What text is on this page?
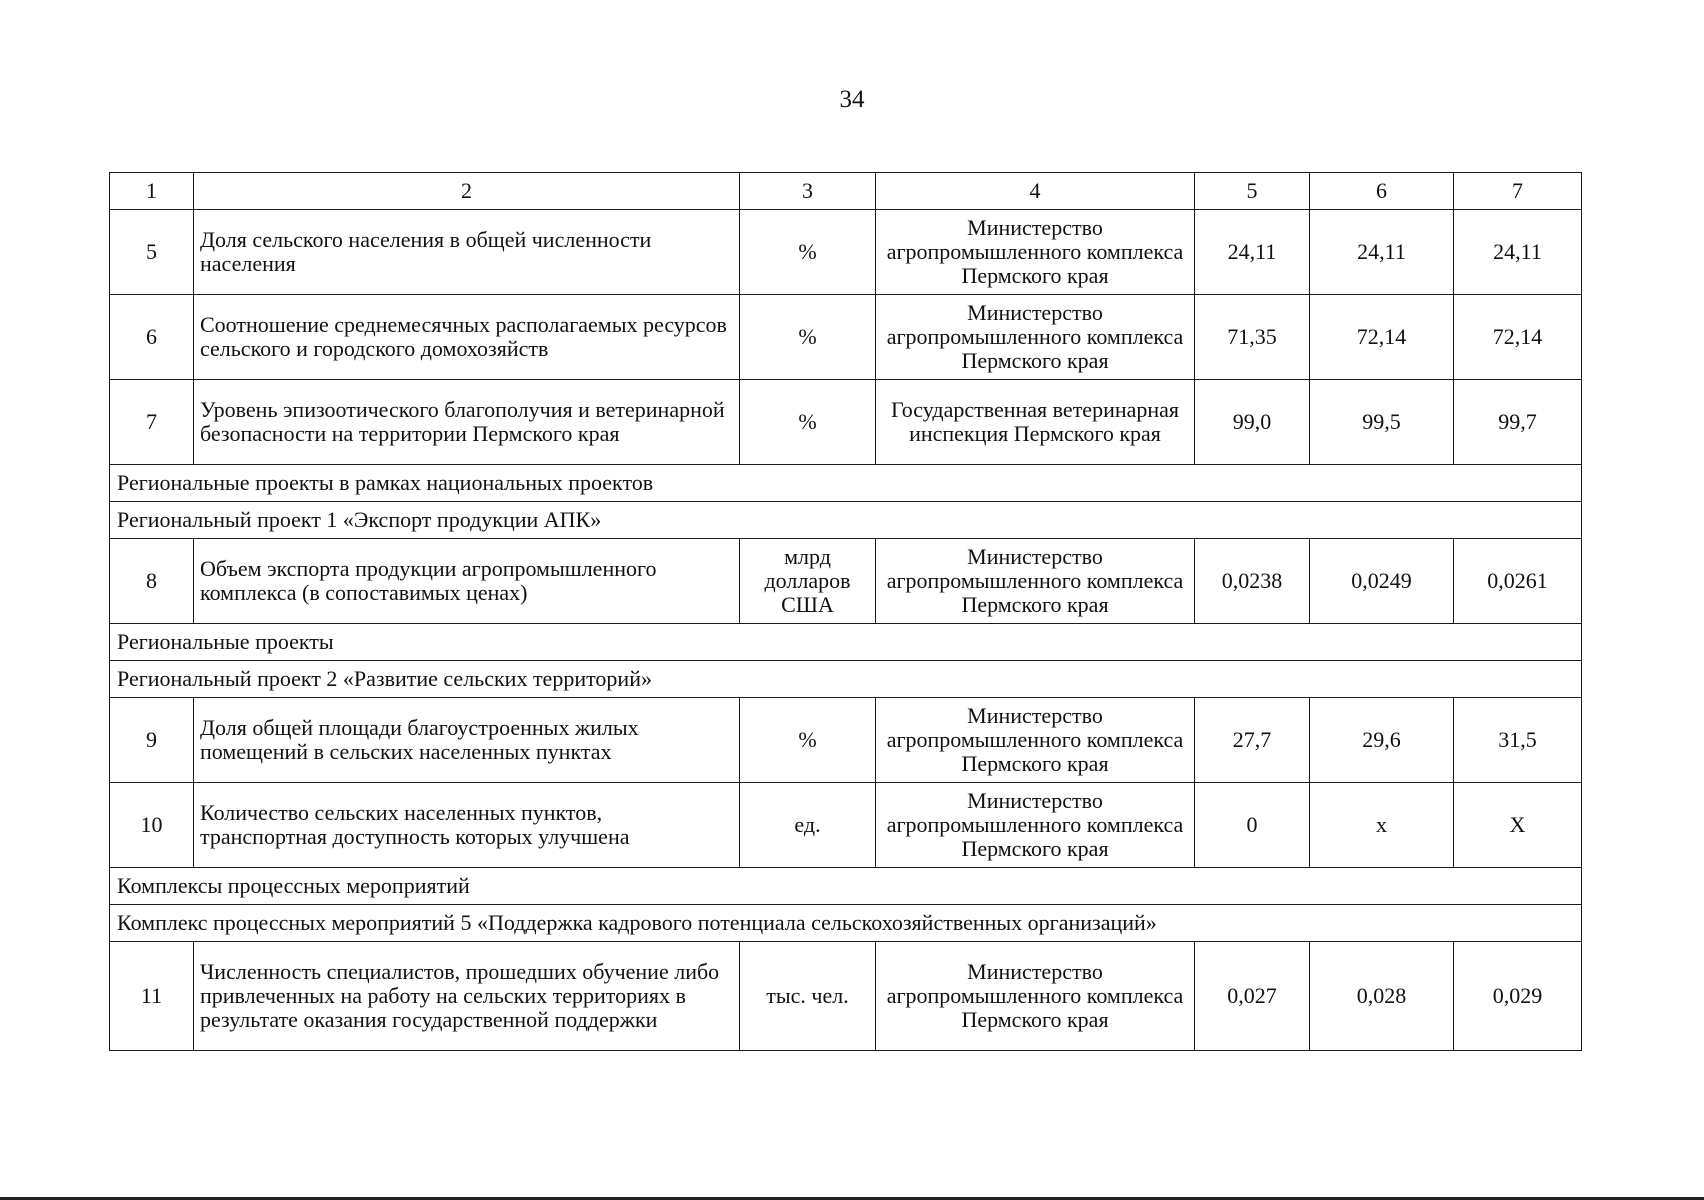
34
1	2	3	4	5	6	7
5	Доля сельского населения в общей численности населения	%	Министерство агропромышленного комплекса Пермского края	24,11	24,11	24,11
6	Соотношение среднемесячных располагаемых ресурсов сельского и городского домохозяйств	%	Министерство агропромышленного комплекса Пермского края	71,35	72,14	72,14
7	Уровень эпизоотического благополучия и ветеринарной безопасности на территории Пермского края	%	Государственная ветеринарная инспекция Пермского края	99,0	99,5	99,7
Региональные проекты в рамках национальных проектов						
Региональный проект 1 «Экспорт продукции АПК»						
8	Объем экспорта продукции агропромышленного комплекса (в сопоставимых ценах)	млрд долларов США	Министерство агропромышленного комплекса Пермского края	0,0238	0,0249	0,0261
Региональные проекты						
Региональный проект 2 «Развитие сельских территорий»						
9	Доля общей площади благоустроенных жилых помещений в сельских населенных пунктах	%	Министерство агропромышленного комплекса Пермского края	27,7	29,6	31,5
10	Количество сельских населенных пунктов, транспортная доступность которых улучшена	ед.	Министерство агропромышленного комплекса Пермского края	0	х	Х
Комплексы процессных мероприятий						
Комплекс процессных мероприятий 5 «Поддержка кадрового потенциала сельскохозяйственных организаций»						
11	Численность специалистов, прошедших обучение либо привлеченных на работу на сельских территориях в результате оказания государственной поддержки	тыс. чел.	Министерство агропромышленного комплекса Пермского края	0,027	0,028	0,029
